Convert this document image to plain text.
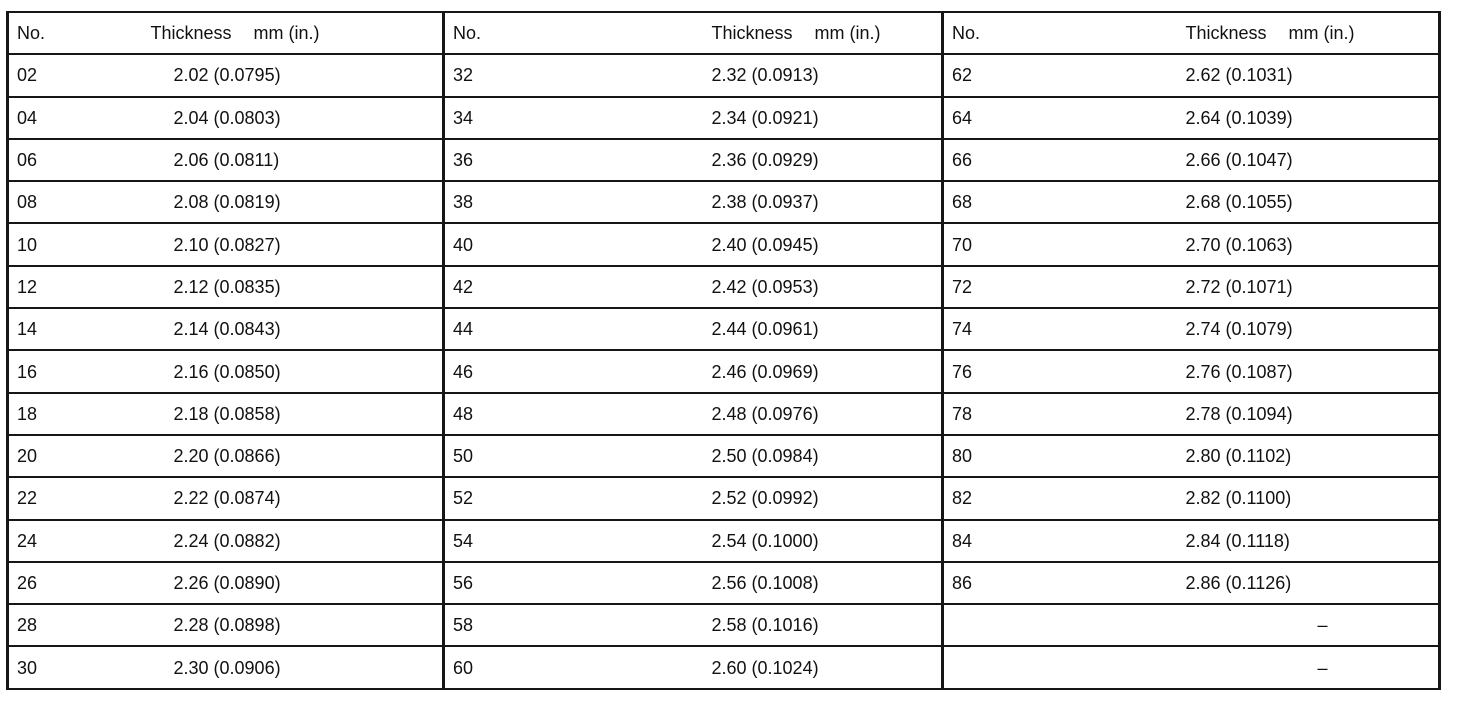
No.	Thickness mm (in.)	No.	Thickness mm (in.)	No.	Thickness mm (in.)
02	2.02 (0.0795)	32	2.32 (0.0913)	62	2.62 (0.1031)
04	2.04 (0.0803)	34	2.34 (0.0921)	64	2.64 (0.1039)
06	2.06 (0.0811)	36	2.36 (0.0929)	66	2.66 (0.1047)
08	2.08 (0.0819)	38	2.38 (0.0937)	68	2.68 (0.1055)
10	2.10 (0.0827)	40	2.40 (0.0945)	70	2.70 (0.1063)
12	2.12 (0.0835)	42	2.42 (0.0953)	72	2.72 (0.1071)
14	2.14 (0.0843)	44	2.44 (0.0961)	74	2.74 (0.1079)
16	2.16 (0.0850)	46	2.46 (0.0969)	76	2.76 (0.1087)
18	2.18 (0.0858)	48	2.48 (0.0976)	78	2.78 (0.1094)
20	2.20 (0.0866)	50	2.50 (0.0984)	80	2.80 (0.1102)
22	2.22 (0.0874)	52	2.52 (0.0992)	82	2.82 (0.1100)
24	2.24 (0.0882)	54	2.54 (0.1000)	84	2.84 (0.1118)
26	2.26 (0.0890)	56	2.56 (0.1008)	86	2.86 (0.1126)
28	2.28 (0.0898)	58	2.58 (0.1016)		–
30	2.30 (0.0906)	60	2.60 (0.1024)		–
